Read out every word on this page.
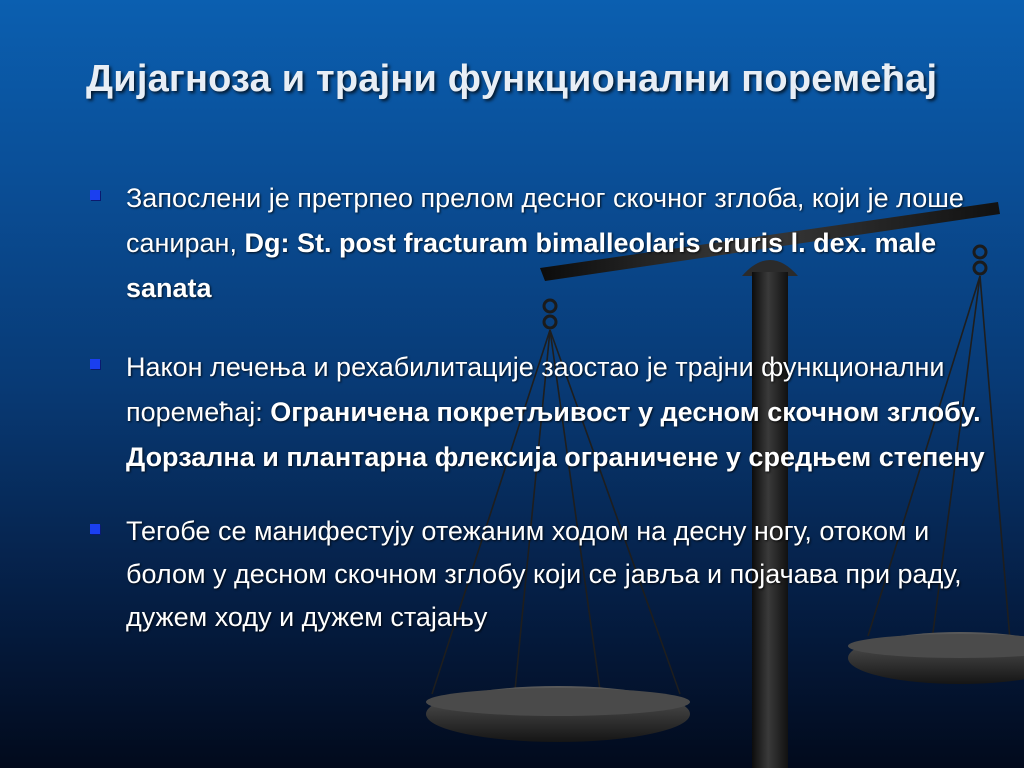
Дијагноза и трајни функционални поремећај
Запослени је претрпео прелом десног скочног зглоба, који је лоше саниран, Dg: St. post fracturam bimalleolaris cruris l. dex. male sanata
Након лечења и рехабилитације заостао је трајни функционални поремећај: Ограничена покретљивост у десном скочном зглобу. Дорзална и плантарна флексија ограничене у средњем степену
Тегобе се манифестују отежаним ходом на десну ногу, отоком и болом у десном скочном зглобу који се јавља и појачава при раду, дужем ходу и дужем стајању
